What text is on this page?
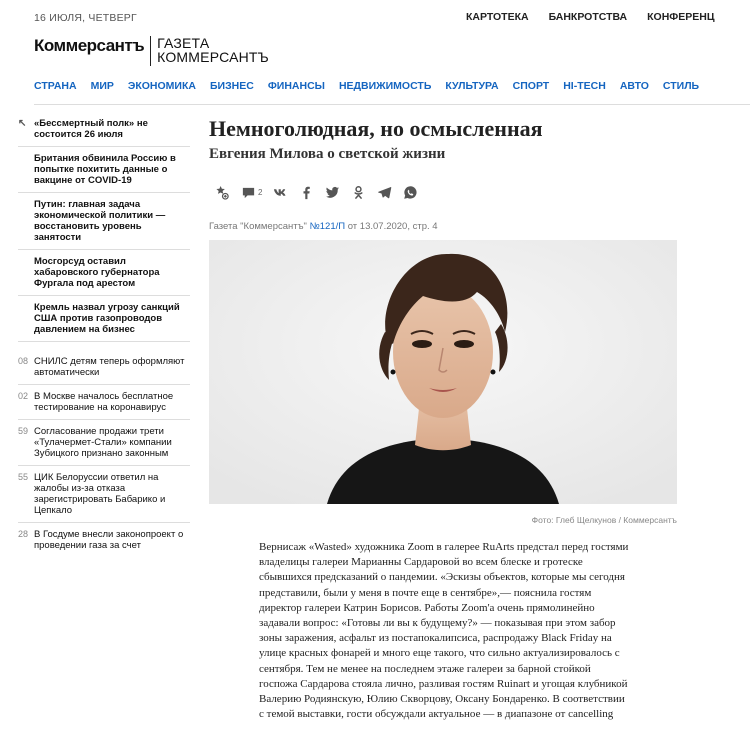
16 ИЮЛЯ, ЧЕТВЕРГ	КАРТОТЕКА БАНКРОТСТВА КОНФЕРЕНЦ
Коммерсантъ ГАЗЕТА
КОММЕРСАНТЪ
СТРАНА МИР ЭКОНОМИКА БИЗНЕС ФИНАНСЫ НЕДВИЖИМОСТЬ КУЛЬТУРА СПОРТ HI-TECH АВТО СТИЛЬ
↖ «Бессмертный полк» не состоится 26 июля
Британия обвинила Россию в попытке похитить данные о вакцине от COVID-19
Путин: главная задача экономической политики — восстановить уровень занятости
Мосгорсуд оставил хабаровского губернатора Фургала под арестом
Кремль назвал угрозу санкций США против газопроводов давлением на бизнес
08 СНИЛС детям теперь оформляют автоматически
02 В Москве началось бесплатное тестирование на коронавирус
59 Согласование продажи трети «Тулачермет-Стали» компании Зубицкого признано законным
55 ЦИК Белоруссии ответил на жалобы из-за отказа зарегистрировать Бабарико и Цепкало
28 В Госдуме внесли законопроект о проведении газа за счет
Немноголюдная, но осмысленная
Евгения Милова о светской жизни
2
Газета "Коммерсантъ" №121/П от 13.07.2020, стр. 4
Фото: Глеб Щелкунов / Коммерсантъ
Вернисаж «Wasted» художника Zoom в галерее RuArts предстал перед гостями владелицы галереи Марианны Сардаровой во всем блеске и гротеске сбывшихся предсказаний о пандемии. «Эскизы объектов, которые мы сегодня представили, были у меня в почте еще в сентябре»,— пояснила гостям директор галереи Катрин Борисов. Работы Zoom'а очень прямолинейно задавали вопрос: «Готовы ли вы к будущему?» — показывая при этом забор зоны заражения, асфальт из постапокалипсиса, распродажу Black Friday на улице красных фонарей и много еще такого, что сильно актуализировалось с сентября. Тем не менее на последнем этаже галереи за барной стойкой госпожа Сардарова стояла лично, разливая гостям Ruinart и угощая клубникой Валерию Родиянскую, Юлию Скворцову, Оксану Бондаренко. В соответствии с темой выставки, гости обсуждали актуальное — в диапазоне от cancelling
